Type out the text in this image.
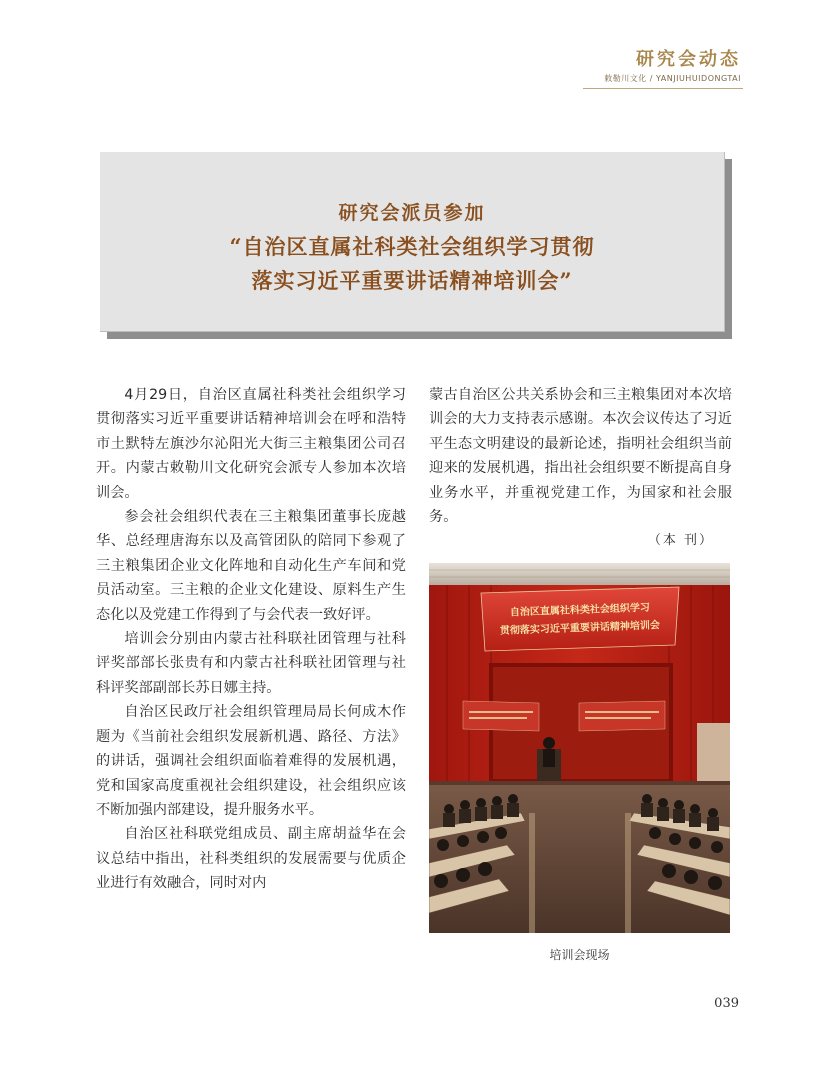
研究会动态
敕勒川文化 / YANJIUHUIDONGTAI
研究会派员参加
“自治区直属社科类社会组织学习贯彻
落实习近平重要讲话精神培训会”

4月29日，自治区直属社科类社会组织学习贯彻落实习近平重要讲话精神培训会在呼和浩特市土默特左旗沙尔沁阳光大街三主粮集团公司召开。内蒙古敕勒川文化研究会派专人参加本次培训会。

参会社会组织代表在三主粮集团董事长庞越华、总经理唐海东以及高管团队的陪同下参观了三主粮集团企业文化阵地和自动化生产车间和党员活动室。三主粮的企业文化建设、原料生产生态化以及党建工作得到了与会代表一致好评。

培训会分别由内蒙古社科联社团管理与社科评奖部部长张贵有和内蒙古社科联社团管理与社科评奖部副部长苏日娜主持。

自治区民政厅社会组织管理局局长何成木作题为《当前社会组织发展新机遇、路径、方法》的讲话，强调社会组织面临着难得的发展机遇，党和国家高度重视社会组织建设，社会组织应该不断加强内部建设，提升服务水平。

自治区社科联党组成员、副主席胡益华在会议总结中指出，社科类组织的发展需要与优质企业进行有效融合，同时对内

蒙古自治区公共关系协会和三主粮集团对本次培训会的大力支持表示感谢。本次会议传达了习近平生态文明建设的最新论述，指明社会组织当前迎来的发展机遇，指出社会组织要不断提高自身业务水平，并重视党建工作，为国家和社会服务。

（本 刊）
自治区直属社科类社会组织学习
贯彻落实习近平重要讲话精神培训会
培训会现场
039
